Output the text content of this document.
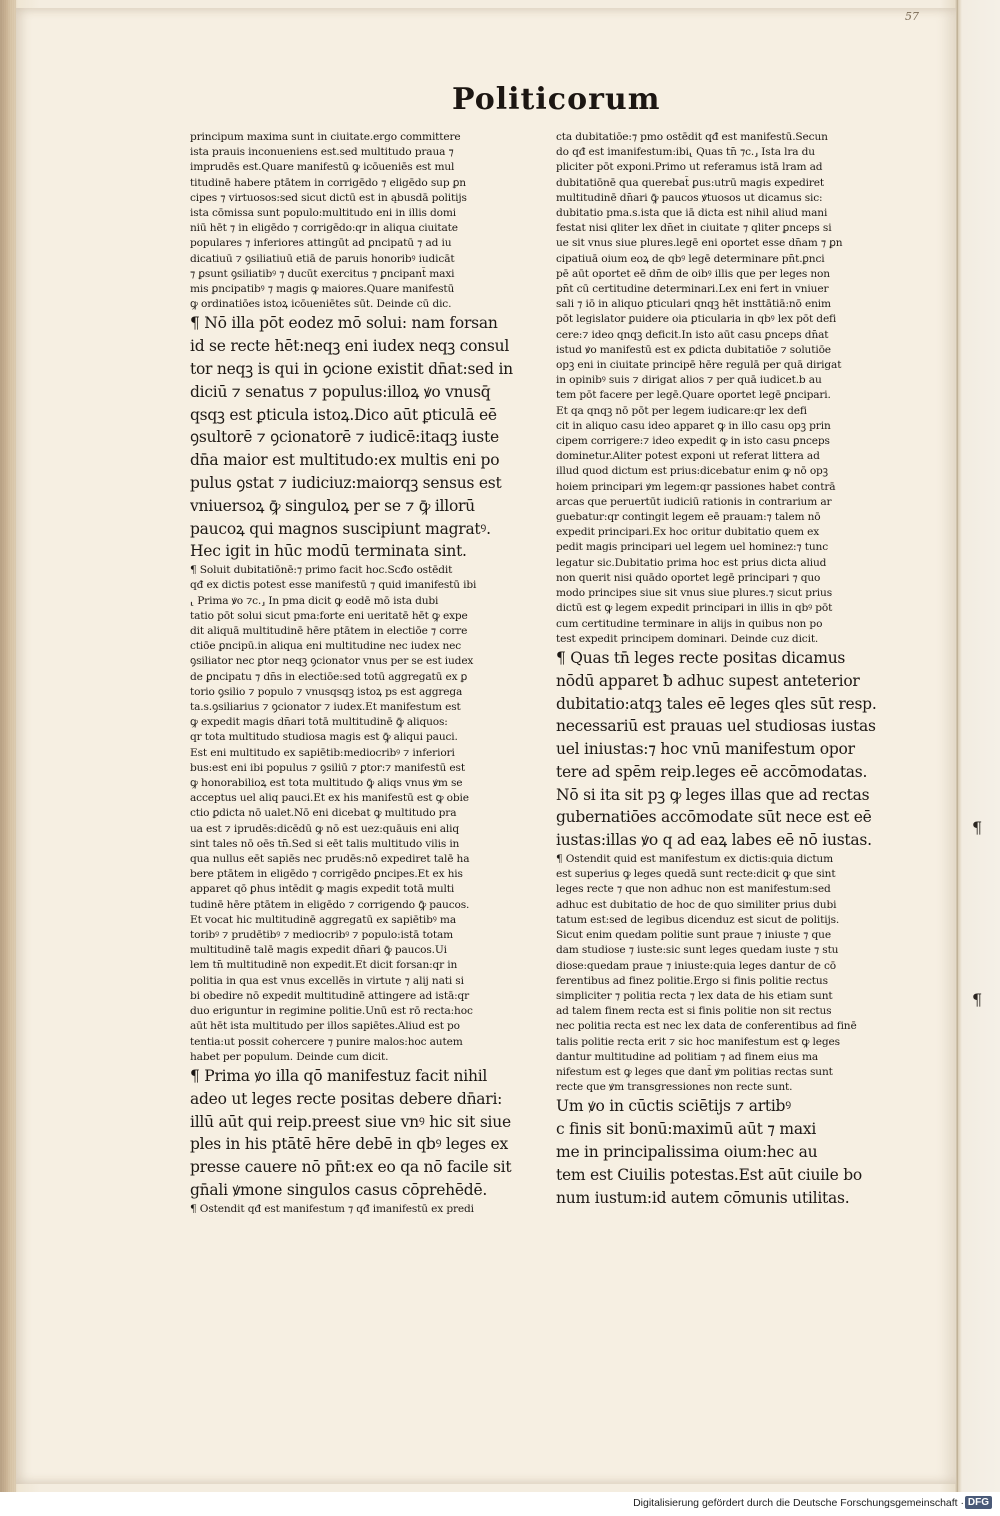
¶
¶
57
Politicorum
principum maxima sunt in ciuitate.ergo committere
ista prauis inconueniens est.sed multitudo praua ⁊
imprudēs est.Quare manifestū ꝙ icōueniēs est mul
titudinē habere ptātem in corrigēdo ⁊ eligēdo sup ꝑn
cipes ⁊ virtuosos:sed sicut dictū est in ąbusdā politijs
ista cōmissa sunt populo:multitudo eni in illis domi
niū hēt ⁊ in eligēdo ⁊ corrigēdo:qr in aliqua ciuitate
populares ⁊ inferiores attingūt ad ꝑncipatū ⁊ ad iu
dicatiuū ⁊ ꝯsiliatiuū etiā de paruis honoribꝰ iudicāt
⁊ ꝑsunt ꝯsiliatibꝰ ⁊ ducūt exercitus ⁊ ꝑncipant̄ maxi
mis ꝑncipatibꝰ ⁊ magis ꝙ maiores.Quare manifestū
ꝙ ordinatiōes istoꝝ icōueniētes sūt. Deinde cū dic.
¶ Nō illa pōt eodez mō solui: nam forsan
id se recte hēt:neqꝫ eni iudex neqꝫ consul
tor neqꝫ is qui in ꝯcione existit dn̄at:sed in
diciū ⁊ senatus ⁊ populus:illoꝝ ꝟo vnusq̄
qsqꝫ est ꝑticula istoꝝ.Dico aūt ꝑticulā eē
ꝯsultorē ⁊ ꝯcionatorē ⁊ iudicē:itaqꝫ iuste
dn̄a maior est multitudo:ex multis eni po
pulus ꝯstat ⁊ iudiciuz:maiorqꝫ sensus est
vniuersoꝝ ꝙ̄ singuloꝝ per se ⁊ ꝙ̄ illorū
paucoꝝ qui magnos suscipiunt magratꝰ.
Hec igit in hūc modū terminata sint.
¶ Soluit dubitatiōnē:⁊ primo facit hoc.Scđo ostēdit
qđ ex dictis potest esse manifestū ⁊ quid imanifestū ibi
⸤ Prima ꝟo ⁊c.⸥ In pma dicit ꝙ eodē mō ista dubi
tatio pōt solui sicut pma:forte eni ueritatē hēt ꝙ expe
dit aliquā multitudinē hēre ptātem in electiōe ⁊ corre
ctiōe ꝑncipū.in aliqua eni multitudine nec iudex nec
ꝯsiliator nec ꝑtor neqꝫ ꝯcionator vnus per se est iudex
de ꝑncipatu ⁊ dn̄s in electiōe:sed totū aggregatū ex ꝑ
torio ꝯsilio ⁊ populo ⁊ vnusqsqꝫ istoꝝ ps est aggrega
ta.s.ꝯsiliarius ⁊ ꝯcionator ⁊ iudex.Et manifestum est
ꝙ expedit magis dn̄ari totā multitudinē ꝙ̄ aliquos:
qr tota multitudo studiosa magis est ꝙ̄ aliqui pauci.
Est eni multitudo ex sapiētib:mediocribꝰ ⁊ inferiori
bus:est eni ibi populus ⁊ ꝯsiliū ⁊ ꝑtor:⁊ manifestū est
ꝙ honorabilioꝝ est tota multitudo ꝙ̄ aliqs vnus ꝟm se
acceptus uel aliq pauci.Et ex his manifestū est ꝙ obie
ctio ꝑdicta nō ualet.Nō eni dicebat ꝙ multitudo pra
ua est ⁊ iprudēs:dicēdū ꝙ nō est uez:quāuis eni aliq
sint tales nō oēs tn̄.Sed si eēt talis multitudo vilis in
qua nullus eēt sapiēs nec prudēs:nō expediret talē ha
bere ptātem in eligēdo ⁊ corrigēdo ꝑncipes.Et ex his
apparet qō ꝑhus intēdit ꝙ magis expedit totā multi
tudinē hēre ptātem in eligēdo ⁊ corrigendo ꝙ̄ paucos.
Et vocat hic multitudinē aggregatū ex sapiētibꝰ ma
toribꝰ ⁊ prudētibꝰ ⁊ mediocribꝰ ⁊ populo:istā totam
multitudinē talē magis expedit dn̄ari ꝙ̄ paucos.Ui
lem tn̄ multitudinē non expedit.Et dicit forsan:qr in
politia in qua est vnus excellēs in virtute ⁊ alij nati si
bi obedire nō expedit multitudinē attingere ad istā:qr
duo eriguntur in regimine politie.Unū est rō recta:hoc
aūt hēt ista multitudo per illos sapiētes.Aliud est po
tentia:ut possit cohercere ⁊ punire malos:hoc autem
habet per populum. Deinde cum dicit.
¶ Prima ꝟo illa qō manifestuz facit nihil
adeo ut leges recte positas debere dn̄ari:
illū aūt qui reip.preest siue vnꝰ hic sit siue
ples in his ptātē hēre debē in qbꝰ leges ex
presse cauere nō pn̄t:ex eo qa nō facile sit
gn̄ali ꝟmone singulos casus cōprehēdē.
¶ Ostendit qđ est manifestum ⁊ qđ imanifestū ex predi
cta dubitatiōe:⁊ pmo ostēdit qđ est manifestū.Secun
do qđ est imanifestum:ibi⸤ Quas tn̄ ⁊c.⸥ Ista lra du
pliciter pōt exponi.Primo ut referamus istā lram ad
dubitatiōnē qua querebat̄ ꝑus:utrū magis expediret
multitudinē dn̄ari ꝙ̄ paucos ꝟtuosos ut dicamus sic:
dubitatio pma.s.ista que iā dicta est nihil aliud mani
festat nisi qliter lex dn̄et in ciuitate ⁊ qliter ꝑnceps si
ue sit vnus siue plures.legē eni oportet esse dn̄am ⁊ ꝑn
cipatiuā oium eoꝝ de qbꝰ legē determinare pn̄t.ꝑnci
pē aūt oportet eē dn̄m de oibꝰ illis que per leges non
pn̄t cū certitudine determinari.Lex eni fert in vniuer
sali ⁊ iō in aliquo ꝑticulari qnqꝫ hēt insttātiā:nō enim
pōt legislator ꝑuidere oia ꝑticularia in qbꝰ lex pōt defi
cere:⁊ ideo qnqꝫ deficit.In isto aūt casu ꝑnceps dn̄at
istud ꝟo manifestū est ex ꝑdicta dubitatiōe ⁊ solutiōe
opꝫ eni in ciuitate principē hēre regulā per quā dirigat
in opinibꝰ suis ⁊ dirigat alios ⁊ per quā iudicet.b au
tem pōt facere per legē.Quare oportet legē ꝑncipari.
Et qa qnqꝫ nō pōt per legem iudicare:qr lex defi
cit in aliquo casu ideo apparet ꝙ in illo casu opꝫ prin
cipem corrigere:⁊ ideo expedit ꝙ in isto casu ꝑnceps
dominetur.Aliter potest exponi ut referat littera ad
illud quod dictum est prius:dicebatur enim ꝙ nō opꝫ
hoiem principari ꝟm legem:qr passiones habet contrā
arcas que peruertūt iudiciū rationis in contrarium ar
guebatur:qr contingit legem eē prauam:⁊ talem nō
expedit principari.Ex hoc oritur dubitatio quem ex
pedit magis principari uel legem uel hominez:⁊ tunc
legatur sic.Dubitatio prima hoc est prius dicta aliud
non querit nisi quādo oportet legē principari ⁊ quo
modo principes siue sit vnus siue plures.⁊ sicut prius
dictū est ꝙ legem expedit principari in illis in qbꝰ pōt
cum certitudine terminare in alijs in quibus non po
test expedit principem dominari. Deinde cuz dicit.
¶ Quas tn̄ leges recte positas dicamus
nōdū apparet ƀ adhuc supest anteterior
dubitatio:atqꝫ tales eē leges qles sūt resp.
necessariū est prauas uel studiosas iustas
uel iniustas:⁊ hoc vnū manifestum opor
tere ad spēm reip.leges eē accōmodatas.
Nō si ita sit pꝫ ꝙ leges illas que ad rectas
gubernatiōes accōmodate sūt nece est eē
iustas:illas ꝟo q ad eaꝝ labes eē nō iustas.
¶ Ostendit quid est manifestum ex dictis:quia dictum
est superius ꝙ leges quedā sunt recte:dicit ꝙ que sint
leges recte ⁊ que non adhuc non est manifestum:sed
adhuc est dubitatio de hoc de quo similiter prius dubi
tatum est:sed de legibus dicenduz est sicut de politijs.
Sicut enim quedam politie sunt praue ⁊ iniuste ⁊ que
dam studiose ⁊ iuste:sic sunt leges quedam iuste ⁊ stu
diose:quedam praue ⁊ iniuste:quia leges dantur de cō
ferentibus ad finez politie.Ergo si finis politie rectus
simpliciter ⁊ politia recta ⁊ lex data de his etiam sunt
ad talem finem recta est si finis politie non sit rectus
nec politia recta est nec lex data de conferentibus ad finē
talis politie recta erit ⁊ sic hoc manifestum est ꝙ leges
dantur multitudine ad politiam ⁊ ad finem eius ma
nifestum est ꝙ leges que dant̄ ꝟm politias rectas sunt
recte que ꝟm transgressiones non recte sunt.
Um ꝟo in cūctis sciētijs ⁊ artibꝰ
c finis sit bonū:maximū aūt ⁊ maxi
me in principalissima oium:hec au
tem est Ciuilis potestas.Est aūt ciuile bo
num iustum:id autem cōmunis utilitas.
Digitalisierung gefördert durch die Deutsche Forschungsgemeinschaft · DFG
